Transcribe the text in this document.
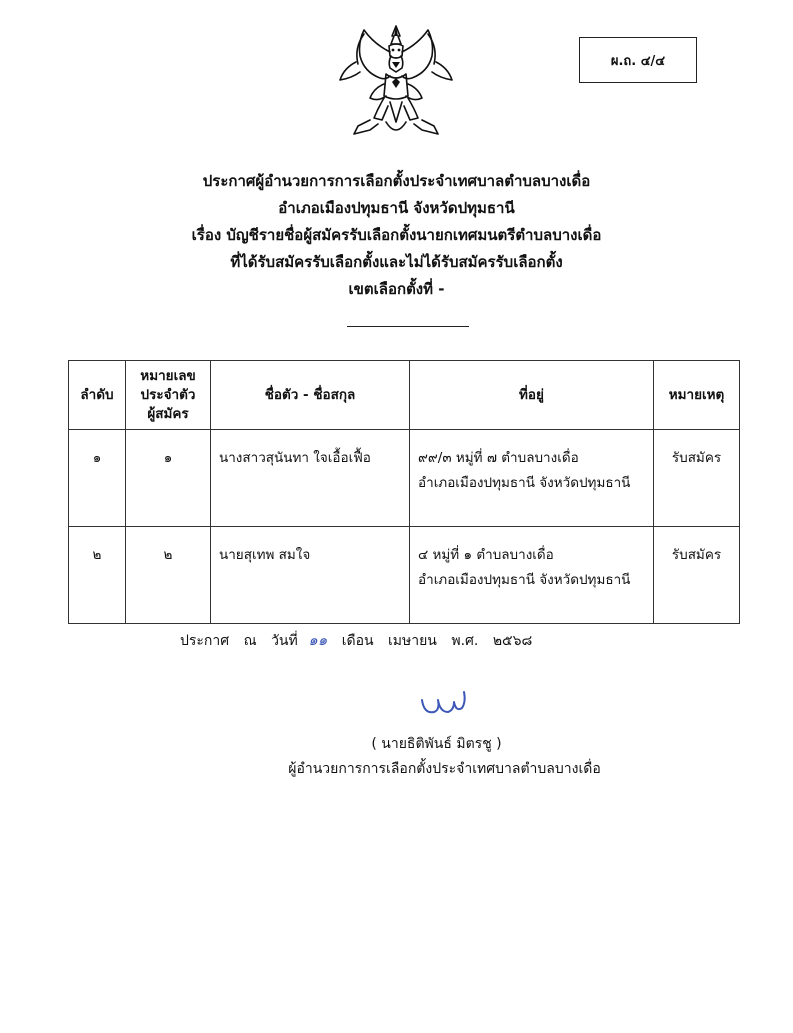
ผ.ถ. ๔/๔
ประกาศผู้อำนวยการการเลือกตั้งประจำเทศบาลตำบลบางเดื่อ
อำเภอเมืองปทุมธานี จังหวัดปทุมธานี
เรื่อง บัญชีรายชื่อผู้สมัครรับเลือกตั้งนายกเทศมนตรีตำบลบางเดื่อ
ที่ได้รับสมัครรับเลือกตั้งและไม่ได้รับสมัครรับเลือกตั้ง
เขตเลือกตั้งที่ -
ลำดับ	หมายเลข
ประจำตัว
ผู้สมัคร	ชื่อตัว - ชื่อสกุล	ที่อยู่	หมายเหตุ
๑	๑	นางสาวสุนันทา ใจเอื้อเฟื้อ	๙๙/๓ หมู่ที่ ๗ ตำบลบางเดื่อ
อำเภอเมืองปทุมธานี จังหวัดปทุมธานี	รับสมัคร
๒	๒	นายสุเทพ สมใจ	๔ หมู่ที่ ๑ ตำบลบางเดื่อ
อำเภอเมืองปทุมธานี จังหวัดปทุมธานี	รับสมัคร
ประกาศ ณ วันที่ ๑๑ เดือน เมษายน พ.ศ. ๒๕๖๘
( นายธิติพันธ์ มิตรชู )
ผู้อำนวยการการเลือกตั้งประจำเทศบาลตำบลบางเดื่อ
